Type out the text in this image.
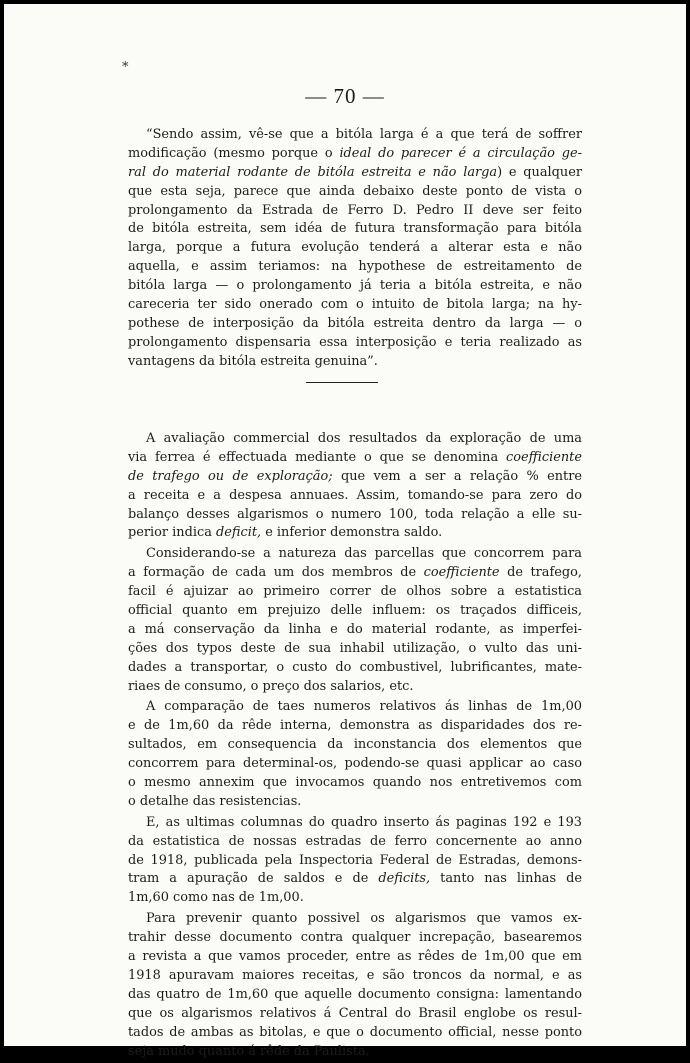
*
— 70 —
“Sendo assim, vê-se que a bitóla larga é a que terá de soffrer
modificação (mesmo porque o ideal do parecer é a circulação ge-
ral do material rodante de bitóla estreita e não larga) e qualquer
que esta seja, parece que ainda debaixo deste ponto de vista o
prolongamento da Estrada de Ferro D. Pedro II deve ser feito
de bitóla estreita, sem idéa de futura transformação para bitóla
larga, porque a futura evolução tenderá a alterar esta e não
aquella, e assim teriamos: na hypothese de estreitamento de
bitóla larga — o prolongamento já teria a bitóla estreita, e não
careceria ter sido onerado com o intuito de bitola larga; na hy-
pothese de interposição da bitóla estreita dentro da larga — o
prolongamento dispensaria essa interposição e teria realizado as
vantagens da bitóla estreita genuina”.
A avaliação commercial dos resultados da exploração de uma
via ferrea é effectuada mediante o que se denomina coefficiente
de trafego ou de exploração; que vem a ser a relação % entre
a receita e a despesa annuaes. Assim, tomando-se para zero do
balanço desses algarismos o numero 100, toda relação a elle su-
perior indica deficit, e inferior demonstra saldo.
Considerando-se a natureza das parcellas que concorrem para
a formação de cada um dos membros de coefficiente de trafego,
facil é ajuizar ao primeiro correr de olhos sobre a estatistica
official quanto em prejuizo delle influem: os traçados difficeis,
a má conservação da linha e do material rodante, as imperfei-
ções dos typos deste de sua inhabil utilização, o vulto das uni-
dades a transportar, o custo do combustivel, lubrificantes, mate-
riaes de consumo, o preço dos salarios, etc.
A comparação de taes numeros relativos ás linhas de 1m,00
e de 1m,60 da rêde interna, demonstra as disparidades dos re-
sultados, em consequencia da inconstancia dos elementos que
concorrem para determinal-os, podendo-se quasi applicar ao caso
o mesmo annexim que invocamos quando nos entretivemos com
o detalhe das resistencias.
E, as ultimas columnas do quadro inserto ás paginas 192 e 193
da estatistica de nossas estradas de ferro concernente ao anno
de 1918, publicada pela Inspectoria Federal de Estradas, demons-
tram a apuração de saldos e de deficits, tanto nas linhas de
1m,60 como nas de 1m,00.
Para prevenir quanto possivel os algarismos que vamos ex-
trahir desse documento contra qualquer increpação, basearemos
a revista a que vamos proceder, entre as rêdes de 1m,00 que em
1918 apuravam maiores receitas, e são troncos da normal, e as
das quatro de 1m,60 que aquelle documento consigna: lamentando
que os algarismos relativos á Central do Brasil englobe os resul-
tados de ambas as bitolas, e que o documento official, nesse ponto
seja mudo quanto á rêde da Paulista.
